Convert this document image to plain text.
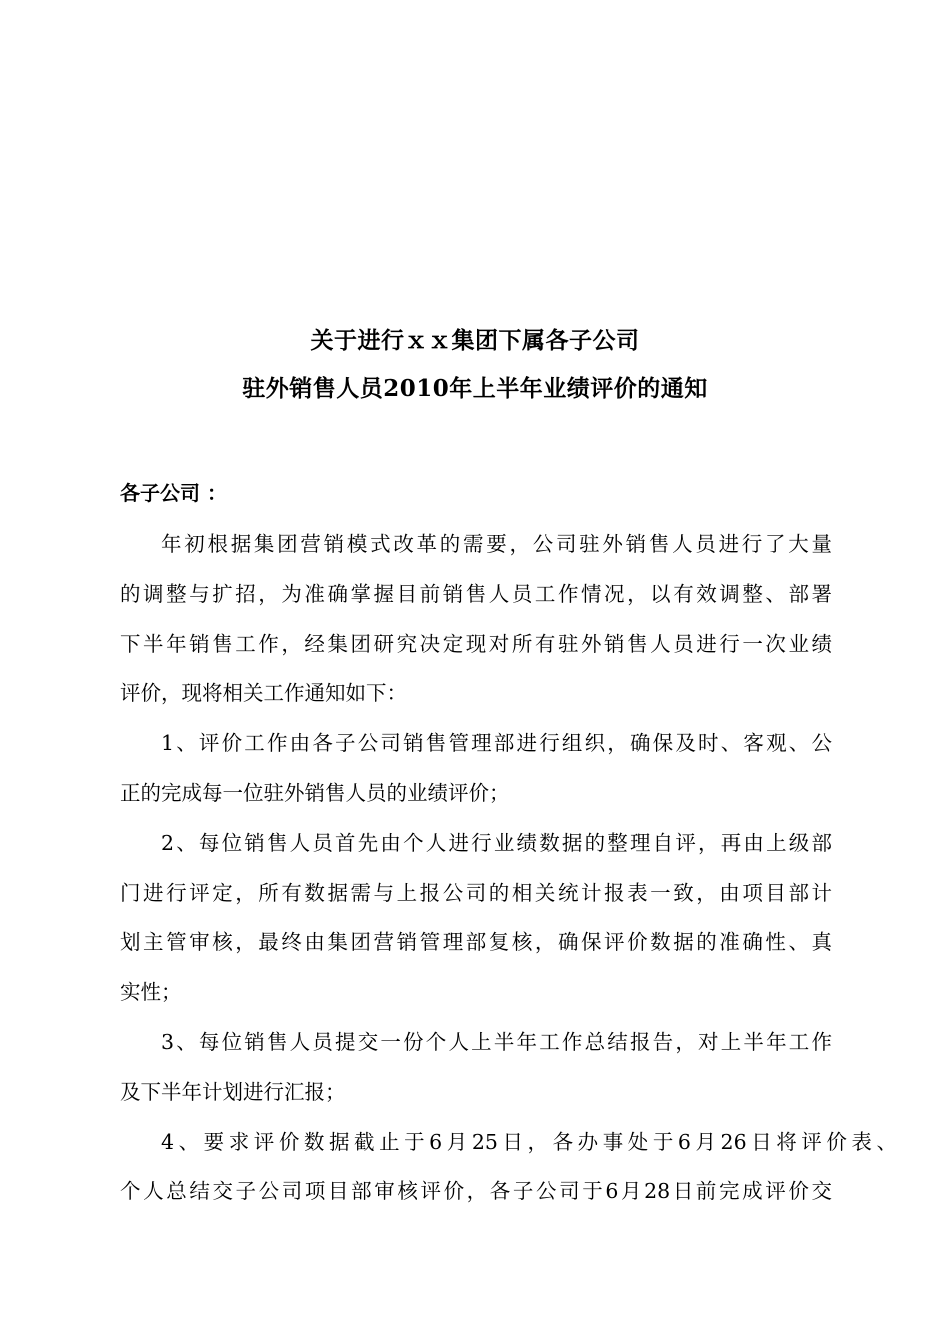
关于进行ｘｘ集团下属各子公司
驻外销售人员2010年上半年业绩评价的通知
各子公司 ：
年初根据集团营销模式改革的需要，公司驻外销售人员进行了大量
的调整与扩招，为准确掌握目前销售人员工作情况，以有效调整、部署
下半年销售工作，经集团研究决定现对所有驻外销售人员进行一次业绩
评价，现将相关工作通知如下：
1、评价工作由各子公司销售管理部进行组织，确保及时、客观、公
正的完成每一位驻外销售人员的业绩评价；
2、每位销售人员首先由个人进行业绩数据的整理自评，再由上级部
门进行评定，所有数据需与上报公司的相关统计报表一致，由项目部计
划主管审核，最终由集团营销管理部复核，确保评价数据的准确性、真
实性；
3、每位销售人员提交一份个人上半年工作总结报告，对上半年工作
及下半年计划进行汇报；
4、要求评价数据截止于6月25日，各办事处于6月26日将评价表、
个人总结交子公司项目部审核评价，各子公司于6月28日前完成评价交
